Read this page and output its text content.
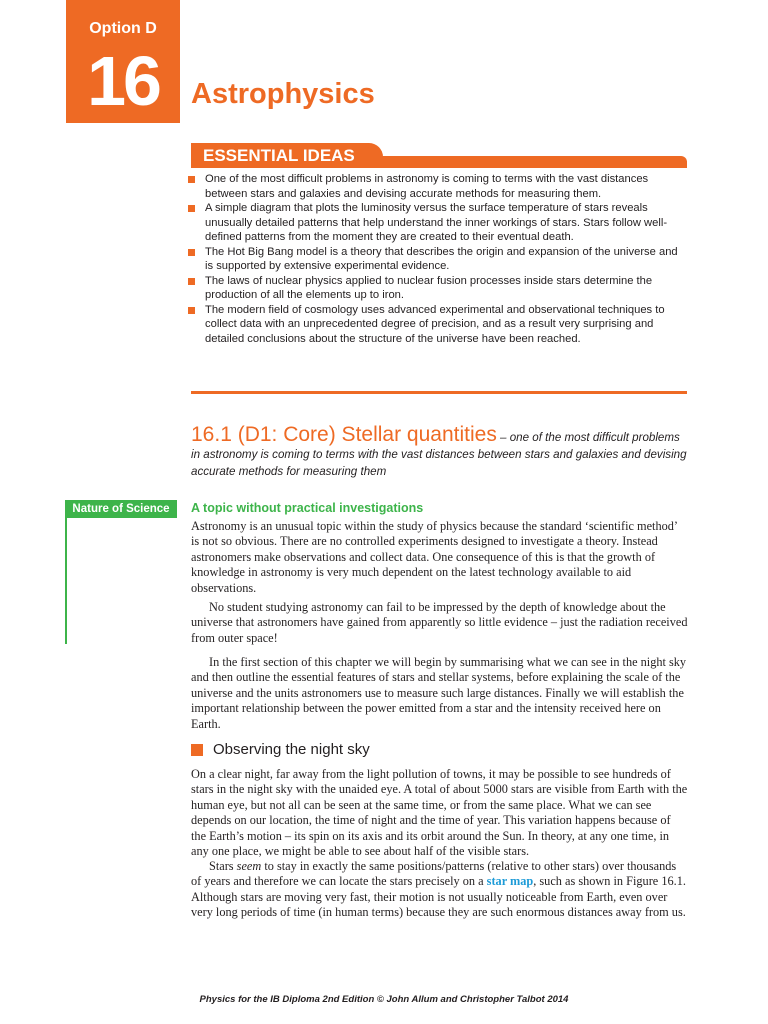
Option D
16	Astrophysics
ESSENTIAL IDEAS
One of the most difficult problems in astronomy is coming to terms with the vast distances between stars and galaxies and devising accurate methods for measuring them.
A simple diagram that plots the luminosity versus the surface temperature of stars reveals unusually detailed patterns that help understand the inner workings of stars. Stars follow well-defined patterns from the moment they are created to their eventual death.
The Hot Big Bang model is a theory that describes the origin and expansion of the universe and is supported by extensive experimental evidence.
The laws of nuclear physics applied to nuclear fusion processes inside stars determine the production of all the elements up to iron.
The modern field of cosmology uses advanced experimental and observational techniques to collect data with an unprecedented degree of precision, and as a result very surprising and detailed conclusions about the structure of the universe have been reached.
16.1 (D1: Core) Stellar quantities – one of the most difficult problems in astronomy is coming to terms with the vast distances between stars and galaxies and devising accurate methods for measuring them
Nature of Science	A topic without practical investigations

Astronomy is an unusual topic within the study of physics because the standard ‘scientific method’ is not so obvious. There are no controlled experiments designed to investigate a theory. Instead astronomers make observations and collect data. One consequence of this is that the growth of knowledge in astronomy is very much dependent on the latest technology available to aid observations.

No student studying astronomy can fail to be impressed by the depth of knowledge about the universe that astronomers have gained from apparently so little evidence – just the radiation received from outer space!

In the first section of this chapter we will begin by summarising what we can see in the night sky and then outline the essential features of stars and stellar systems, before explaining the scale of the universe and the units astronomers use to measure such large distances. Finally we will establish the important relationship between the power emitted from a star and the intensity received here on Earth.

Observing the night sky

On a clear night, far away from the light pollution of towns, it may be possible to see hundreds of stars in the night sky with the unaided eye. A total of about 5000 stars are visible from Earth with the human eye, but not all can be seen at the same time, or from the same place. What we can see depends on our location, the time of night and the time of year. This variation happens because of the Earth’s motion – its spin on its axis and its orbit around the Sun. In theory, at any one time, in any one place, we might be able to see about half of the visible stars.

Stars seem to stay in exactly the same positions/patterns (relative to other stars) over thousands of years and therefore we can locate the stars precisely on a star map, such as shown in Figure 16.1. Although stars are moving very fast, their motion is not usually noticeable from Earth, even over very long periods of time (in human terms) because they are such enormous distances away from us.

Physics for the IB Diploma 2nd Edition © John Allum and Christopher Talbot 2014
